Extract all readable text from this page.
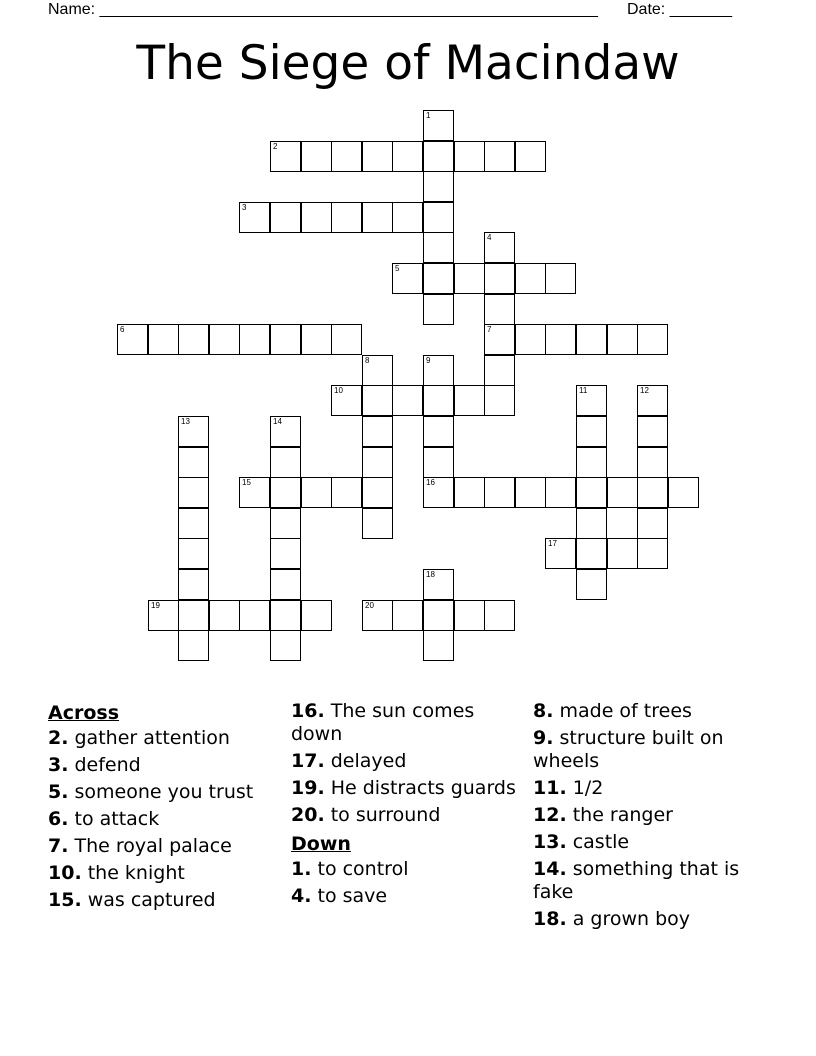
Name: ________________________________________________________

Date: _______

The Siege of Macindaw
1
2
3
4
7
5
6
8	9
16
10	11	12
13	14
15
17
18
19	20
Across
2. gather attention
3. defend
5. someone you trust
6. to attack
7. The royal palace
10. the knight
15. was captured
16. The sun comes down
17. delayed
19. He distracts guards
20. to surround
Down
1. to control
4. to save
8. made of trees
9. structure built on wheels
11. 1/2
12. the ranger
13. castle
14. something that is fake
18. a grown boy
